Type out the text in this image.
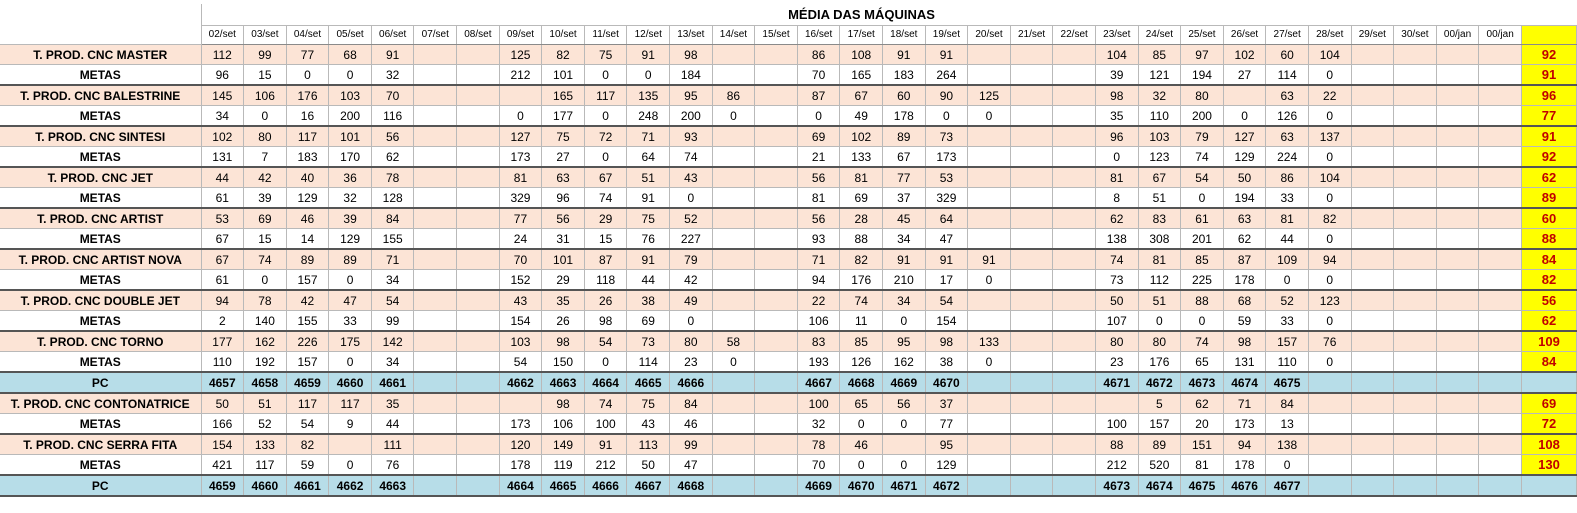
	MÉDIA DAS MÁQUINAS																															
	02/set	03/set	04/set	05/set	06/set	07/set	08/set	09/set	10/set	11/set	12/set	13/set	14/set	15/set	16/set	17/set	18/set	19/set	20/set	21/set	22/set	23/set	24/set	25/set	26/set	27/set	28/set	29/set	30/set	00/jan	00/jan	
T. PROD. CNC MASTER	112	99	77	68	91			125	82	75	91	98			86	108	91	91				104	85	97	102	60	104					92
METAS	96	15	0	0	32			212	101	0	0	184			70	165	183	264				39	121	194	27	114	0					91
T. PROD. CNC BALESTRINE	145	106	176	103	70				165	117	135	95	86		87	67	60	90	125			98	32	80		63	22					96
METAS	34	0	16	200	116			0	177	0	248	200	0		0	49	178	0	0			35	110	200	0	126	0					77
T. PROD. CNC SINTESI	102	80	117	101	56			127	75	72	71	93			69	102	89	73				96	103	79	127	63	137					91
METAS	131	7	183	170	62			173	27	0	64	74			21	133	67	173				0	123	74	129	224	0					92
T. PROD. CNC JET	44	42	40	36	78			81	63	67	51	43			56	81	77	53				81	67	54	50	86	104					62
METAS	61	39	129	32	128			329	96	74	91	0			81	69	37	329				8	51	0	194	33	0					89
T. PROD. CNC ARTIST	53	69	46	39	84			77	56	29	75	52			56	28	45	64				62	83	61	63	81	82					60
METAS	67	15	14	129	155			24	31	15	76	227			93	88	34	47				138	308	201	62	44	0					88
T. PROD. CNC ARTIST NOVA	67	74	89	89	71			70	101	87	91	79			71	82	91	91	91			74	81	85	87	109	94					84
METAS	61	0	157	0	34			152	29	118	44	42			94	176	210	17	0			73	112	225	178	0	0					82
T. PROD. CNC DOUBLE JET	94	78	42	47	54			43	35	26	38	49			22	74	34	54				50	51	88	68	52	123					56
METAS	2	140	155	33	99			154	26	98	69	0			106	11	0	154				107	0	0	59	33	0					62
T. PROD. CNC TORNO	177	162	226	175	142			103	98	54	73	80	58		83	85	95	98	133			80	80	74	98	157	76					109
METAS	110	192	157	0	34			54	150	0	114	23	0		193	126	162	38	0			23	176	65	131	110	0					84
PC	4657	4658	4659	4660	4661			4662	4663	4664	4665	4666			4667	4668	4669	4670				4671	4672	4673	4674	4675						
T. PROD. CNC CONTONATRICE	50	51	117	117	35				98	74	75	84			100	65	56	37					5	62	71	84						69
METAS	166	52	54	9	44			173	106	100	43	46			32	0	0	77				100	157	20	173	13						72
T. PROD. CNC SERRA FITA	154	133	82		111			120	149	91	113	99			78	46		95				88	89	151	94	138						108
METAS	421	117	59	0	76			178	119	212	50	47			70	0	0	129				212	520	81	178	0						130
PC	4659	4660	4661	4662	4663			4664	4665	4666	4667	4668			4669	4670	4671	4672				4673	4674	4675	4676	4677						
